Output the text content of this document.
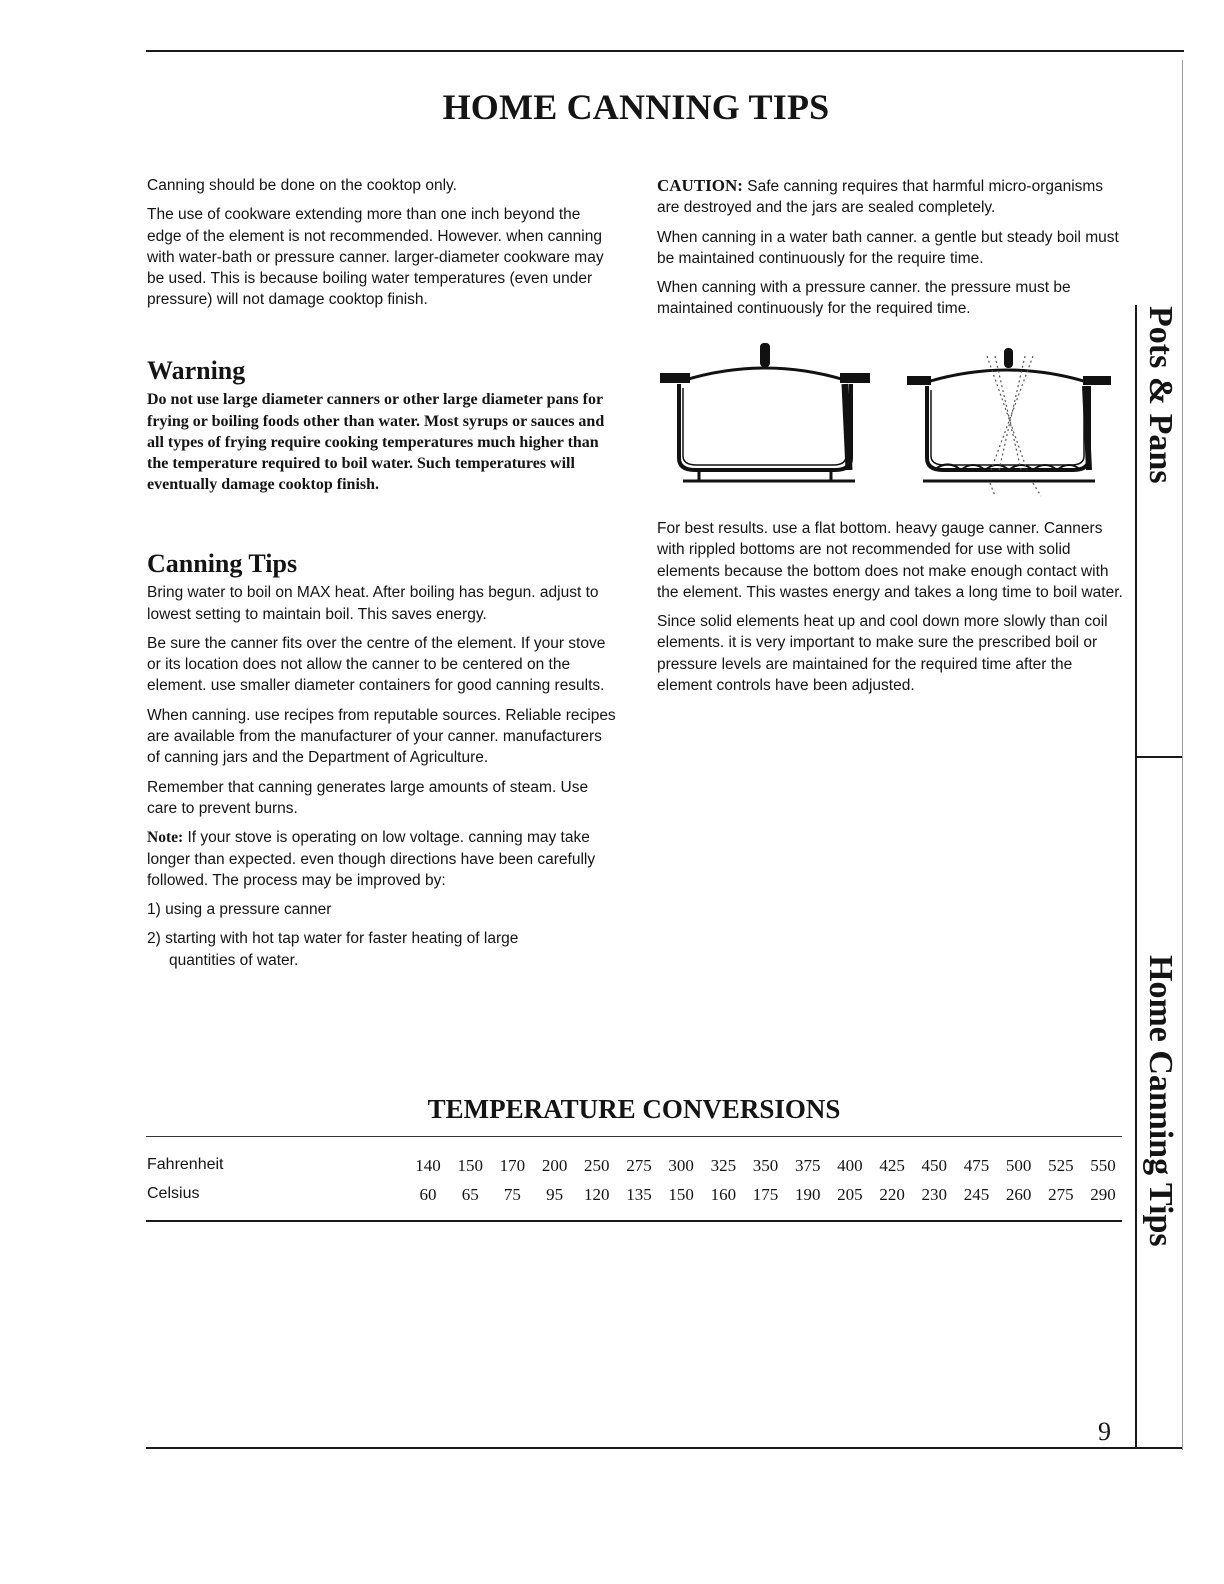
HOME CANNING TIPS

Canning should be done on the cooktop only.

The use of cookware extending more than one inch beyond the edge of the element is not recommended. However. when canning with water-bath or pressure canner. larger-diameter cookware may be used. This is because boiling water temperatures (even under pressure) will not damage cooktop finish.

Warning
Do not use large diameter canners or other large diameter pans for frying or boiling foods other than water. Most syrups or sauces and all types of frying require cooking temperatures much higher than the temperature required to boil water. Such temperatures will eventually damage cooktop finish.
Canning Tips

Bring water to boil on MAX heat. After boiling has begun. adjust to lowest setting to maintain boil. This saves energy.

Be sure the canner fits over the centre of the element. If your stove or its location does not allow the canner to be centered on the element. use smaller diameter containers for good canning results.

When canning. use recipes from reputable sources. Reliable recipes are available from the manufacturer of your canner. manufacturers of canning jars and the Department of Agriculture.

Remember that canning generates large amounts of steam. Use care to prevent burns.

Note: If your stove is operating on low voltage. canning may take longer than expected. even though directions have been carefully followed. The process may be improved by:

1) using a pressure canner

2) starting with hot tap water for faster heating of large
quantities of water.

CAUTION: Safe canning requires that harmful micro-organisms are destroyed and the jars are sealed completely.

When canning in a water bath canner. a gentle but steady boil must be maintained continuously for the require time.

When canning with a pressure canner. the pressure must be maintained continuously for the required time.

For best results. use a flat bottom. heavy gauge canner. Canners with rippled bottoms are not recommended for use with solid elements because the bottom does not make enough contact with the element. This wastes energy and takes a long time to boil water.

Since solid elements heat up and cool down more slowly than coil elements. it is very important to make sure the prescribed boil or pressure levels are maintained for the required time after the element controls have been adjusted.

Pots & Pans
Home Canning Tips
TEMPERATURE CONVERSIONS
Fahrenheit	140 150 170 200 250 275 300 325 350 375 400 425 450 475 500 525 550
Celsius	60	65	75	95	120 135 150 160 175 190 205 220 230 245 260 275 290
9
